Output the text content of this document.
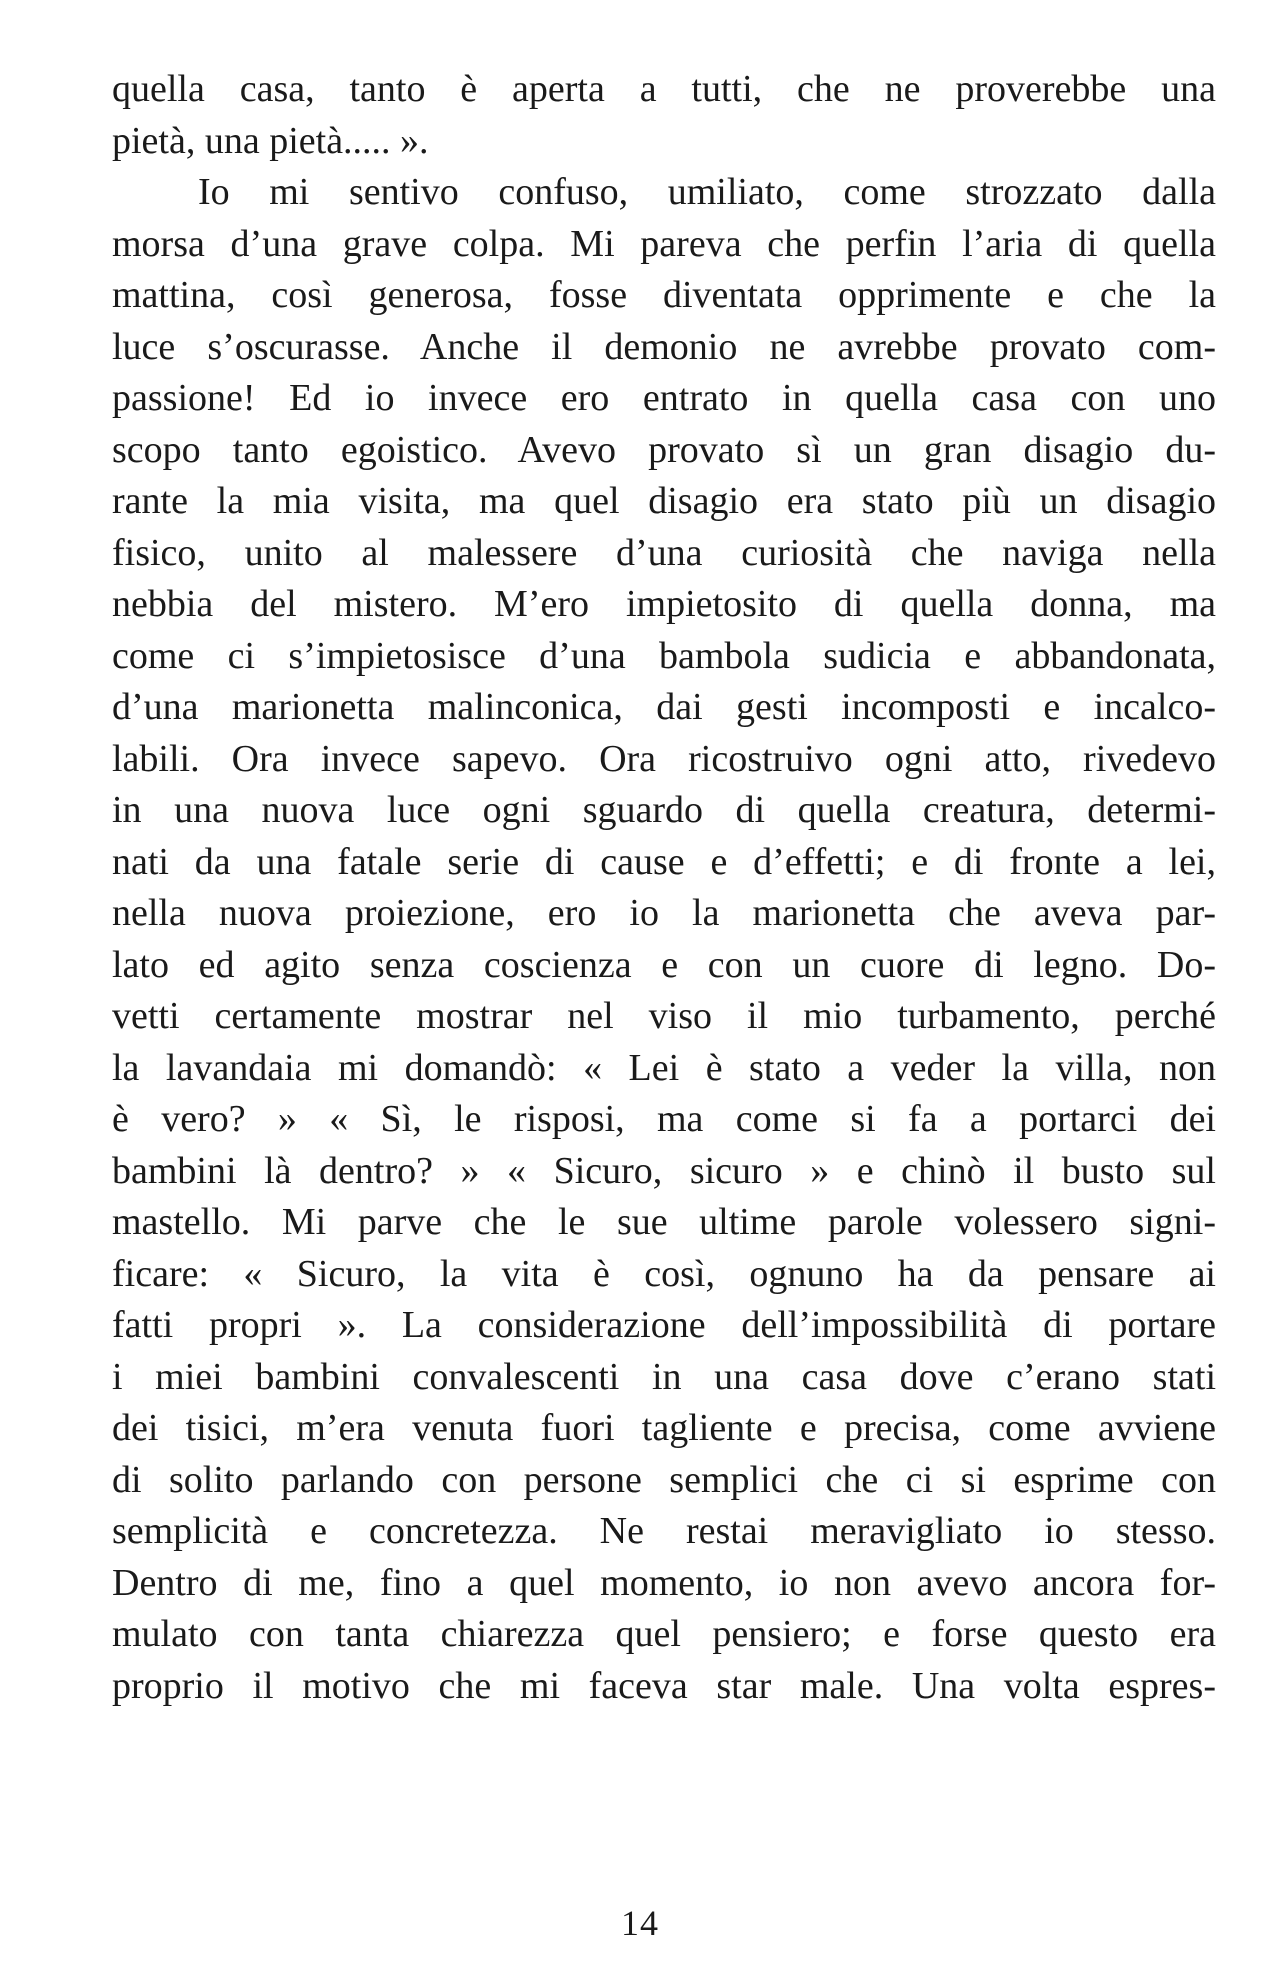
quella casa, tanto è aperta a tutti, che ne proverebbe una
pietà, una pietà..... ».
Io mi sentivo confuso, umiliato, come strozzato dalla
morsa d’una grave colpa. Mi pareva che perfin l’aria di quella
mattina, così generosa, fosse diventata opprimente e che la
luce s’oscurasse. Anche il demonio ne avrebbe provato com-
passione! Ed io invece ero entrato in quella casa con uno
scopo tanto egoistico. Avevo provato sì un gran disagio du-
rante la mia visita, ma quel disagio era stato più un disagio
fisico, unito al malessere d’una curiosità che naviga nella
nebbia del mistero. M’ero impietosito di quella donna, ma
come ci s’impietosisce d’una bambola sudicia e abbandonata,
d’una marionetta malinconica, dai gesti incomposti e incalco-
labili. Ora invece sapevo. Ora ricostruivo ogni atto, rivedevo
in una nuova luce ogni sguardo di quella creatura, determi-
nati da una fatale serie di cause e d’effetti; e di fronte a lei,
nella nuova proiezione, ero io la marionetta che aveva par-
lato ed agito senza coscienza e con un cuore di legno. Do-
vetti certamente mostrar nel viso il mio turbamento, perché
la lavandaia mi domandò: « Lei è stato a veder la villa, non
è vero? » « Sì, le risposi, ma come si fa a portarci dei
bambini là dentro? » « Sicuro, sicuro » e chinò il busto sul
mastello. Mi parve che le sue ultime parole volessero signi-
ficare: « Sicuro, la vita è così, ognuno ha da pensare ai
fatti propri ». La considerazione dell’impossibilità di portare
i miei bambini convalescenti in una casa dove c’erano stati
dei tisici, m’era venuta fuori tagliente e precisa, come avviene
di solito parlando con persone semplici che ci si esprime con
semplicità e concretezza. Ne restai meravigliato io stesso.
Dentro di me, fino a quel momento, io non avevo ancora for-
mulato con tanta chiarezza quel pensiero; e forse questo era
proprio il motivo che mi faceva star male. Una volta espres-
14
